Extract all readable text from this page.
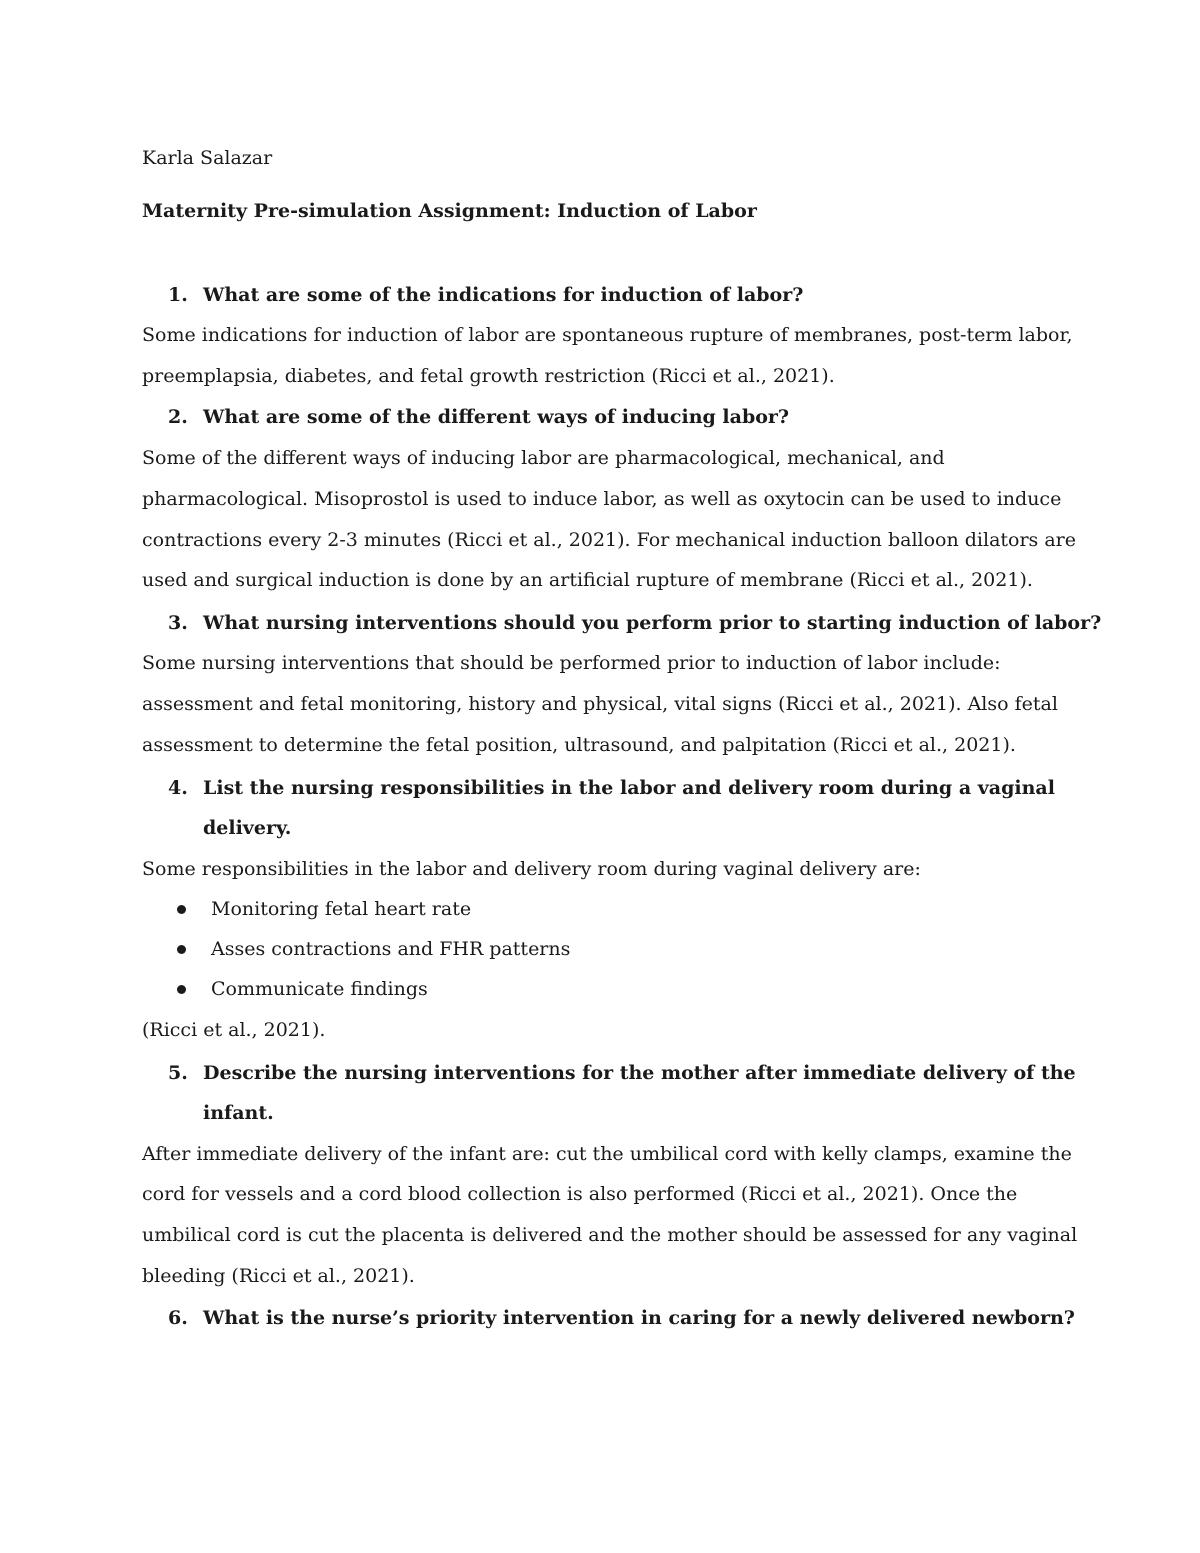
Karla Salazar
Maternity Pre-simulation Assignment: Induction of Labor
1. What are some of the indications for induction of labor?
Some indications for induction of labor are spontaneous rupture of membranes, post-term labor,
preemplapsia, diabetes, and fetal growth restriction (Ricci et al., 2021).
2. What are some of the different ways of inducing labor?
Some of the different ways of inducing labor are pharmacological, mechanical, and
pharmacological. Misoprostol is used to induce labor, as well as oxytocin can be used to induce
contractions every 2-3 minutes (Ricci et al., 2021). For mechanical induction balloon dilators are
used and surgical induction is done by an artificial rupture of membrane (Ricci et al., 2021).
3. What nursing interventions should you perform prior to starting induction of labor?
Some nursing interventions that should be performed prior to induction of labor include:
assessment and fetal monitoring, history and physical, vital signs (Ricci et al., 2021). Also fetal
assessment to determine the fetal position, ultrasound, and palpitation (Ricci et al., 2021).
4. List the nursing responsibilities in the labor and delivery room during a vaginal
delivery.
Some responsibilities in the labor and delivery room during vaginal delivery are:
Monitoring fetal heart rate
Asses contractions and FHR patterns
Communicate findings
(Ricci et al., 2021).
5. Describe the nursing interventions for the mother after immediate delivery of the
infant.
After immediate delivery of the infant are: cut the umbilical cord with kelly clamps, examine the
cord for vessels and a cord blood collection is also performed (Ricci et al., 2021). Once the
umbilical cord is cut the placenta is delivered and the mother should be assessed for any vaginal
bleeding (Ricci et al., 2021).
6. What is the nurse’s priority intervention in caring for a newly delivered newborn?
